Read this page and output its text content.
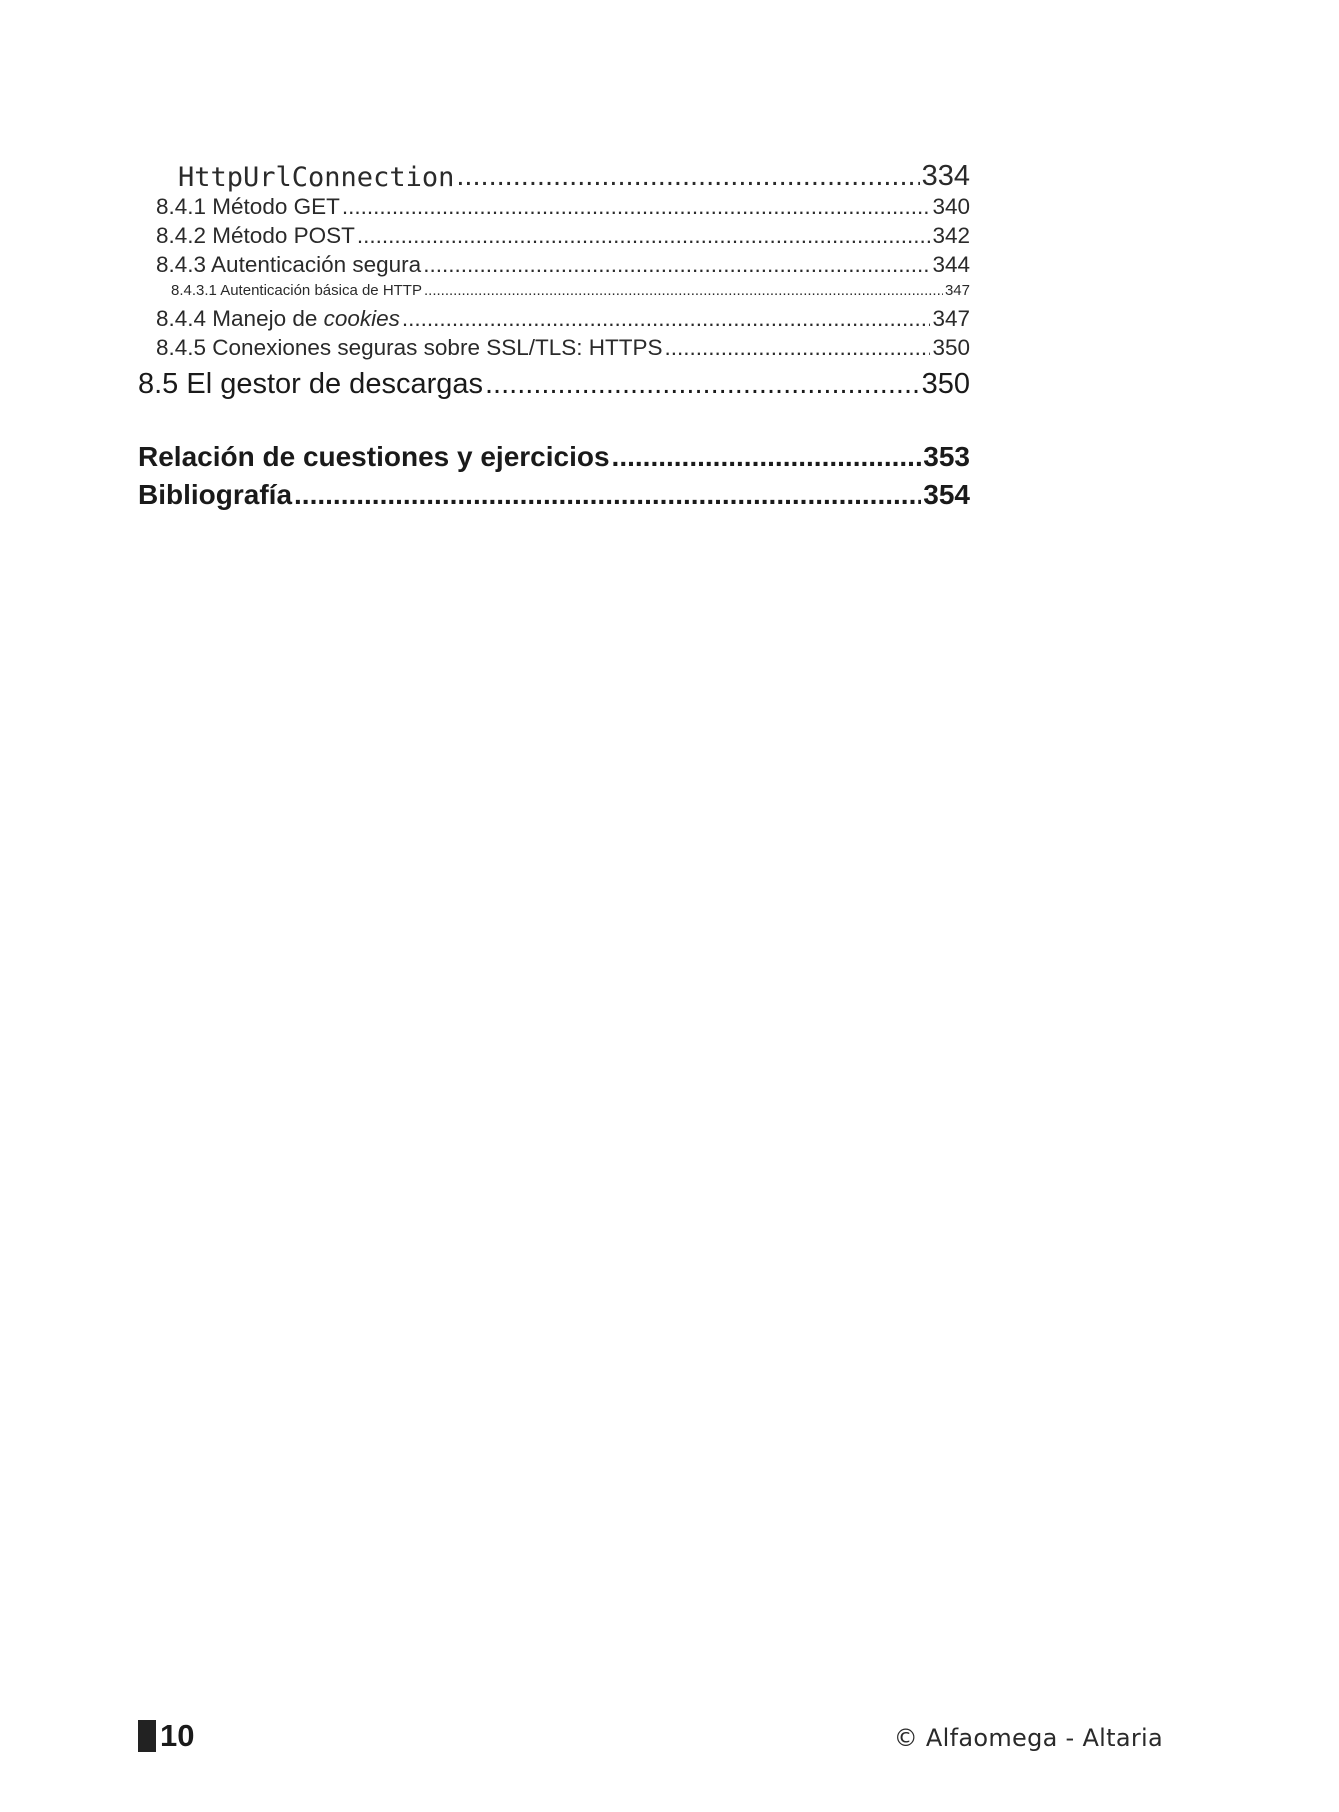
HttpUrlConnection .....	334
8.4.1 Método GET .....	340
8.4.2 Método POST .....	342
8.4.3 Autenticación segura .....	344
8.4.3.1 Autenticación básica de HTTP .....	347
8.4.4 Manejo de cookies .....	347
8.4.5 Conexiones seguras sobre SSL/TLS: HTTPS .....	350
8.5 El gestor de descargas .....	350
Relación de cuestiones y ejercicios .....	353
Bibliografía .....	354
10	© Alfaomega - Altaria
